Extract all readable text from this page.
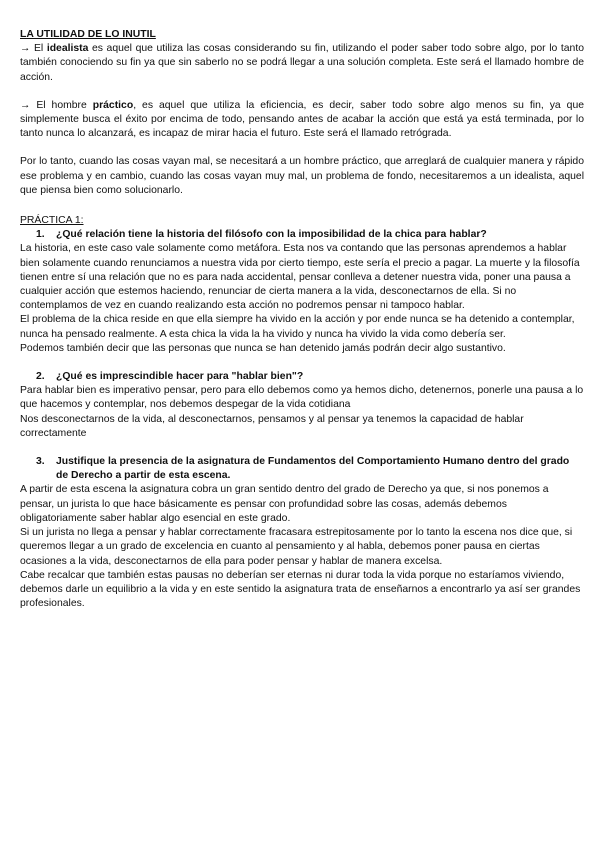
LA UTILIDAD DE LO INUTIL

→ El idealista es aquel que utiliza las cosas considerando su fin, utilizando el poder saber todo sobre algo, por lo tanto también conociendo su fin ya que sin saberlo no se podrá llegar a una solución completa. Este será el llamado hombre de acción.

→ El hombre práctico, es aquel que utiliza la eficiencia, es decir, saber todo sobre algo menos su fin, ya que simplemente busca el éxito por encima de todo, pensando antes de acabar la acción que está ya está terminada, por lo tanto nunca lo alcanzará, es incapaz de mirar hacia el futuro. Este será el llamado retrógrada.

Por lo tanto, cuando las cosas vayan mal, se necesitará a un hombre práctico, que arreglará de cualquier manera y rápido ese problema y en cambio, cuando las cosas vayan muy mal, un problema de fondo, necesitaremos a un idealista, aquel que piensa bien como solucionarlo.

PRÁCTICA 1:

1.	¿Qué relación tiene la historia del filósofo con la imposibilidad de la chica para hablar?

La historia, en este caso vale solamente como metáfora. Esta nos va contando que las personas aprendemos a hablar bien solamente cuando renunciamos a nuestra vida por cierto tiempo, este sería el precio a pagar. La muerte y la filosofía tienen entre sí una relación que no es para nada accidental, pensar conlleva a detener nuestra vida, poner una pausa a cualquier acción que estemos haciendo, renunciar de cierta manera a la vida, desconectarnos de ella. Si no contemplamos de vez en cuando realizando esta acción no podremos pensar ni tampoco hablar.

El problema de la chica reside en que ella siempre ha vivido en la acción y por ende nunca se ha detenido a contemplar, nunca ha pensado realmente. A esta chica la vida la ha vivido y nunca ha vivido la vida como debería ser.

Podemos también decir que las personas que nunca se han detenido jamás podrán decir algo sustantivo.

2.	¿Qué es imprescindible hacer para "hablar bien"?

Para hablar bien es imperativo pensar, pero para ello debemos como ya hemos dicho, detenernos, ponerle una pausa a lo que hacemos y contemplar, nos debemos despegar de la vida cotidiana

Nos desconectarnos de la vida, al desconectarnos, pensamos y al pensar ya tenemos la capacidad de hablar correctamente

3.	Justifique la presencia de la asignatura de Fundamentos del Comportamiento Humano dentro del grado de Derecho a partir de esta escena.

A partir de esta escena la asignatura cobra un gran sentido dentro del grado de Derecho ya que, si nos ponemos a pensar, un jurista lo que hace básicamente es pensar con profundidad sobre las cosas, además debemos obligatoriamente saber hablar algo esencial en este grado.

Si un jurista no llega a pensar y hablar correctamente fracasara estrepitosamente por lo tanto la escena nos dice que, si queremos llegar a un grado de excelencia en cuanto al pensamiento y al habla, debemos poner pausa en ciertas ocasiones a la vida, desconectarnos de ella para poder pensar y hablar de manera excelsa.

Cabe recalcar que también estas pausas no deberían ser eternas ni durar toda la vida porque no estaríamos viviendo, debemos darle un equilibrio a la vida y en este sentido la asignatura trata de enseñarnos a encontrarlo ya así ser grandes profesionales.
